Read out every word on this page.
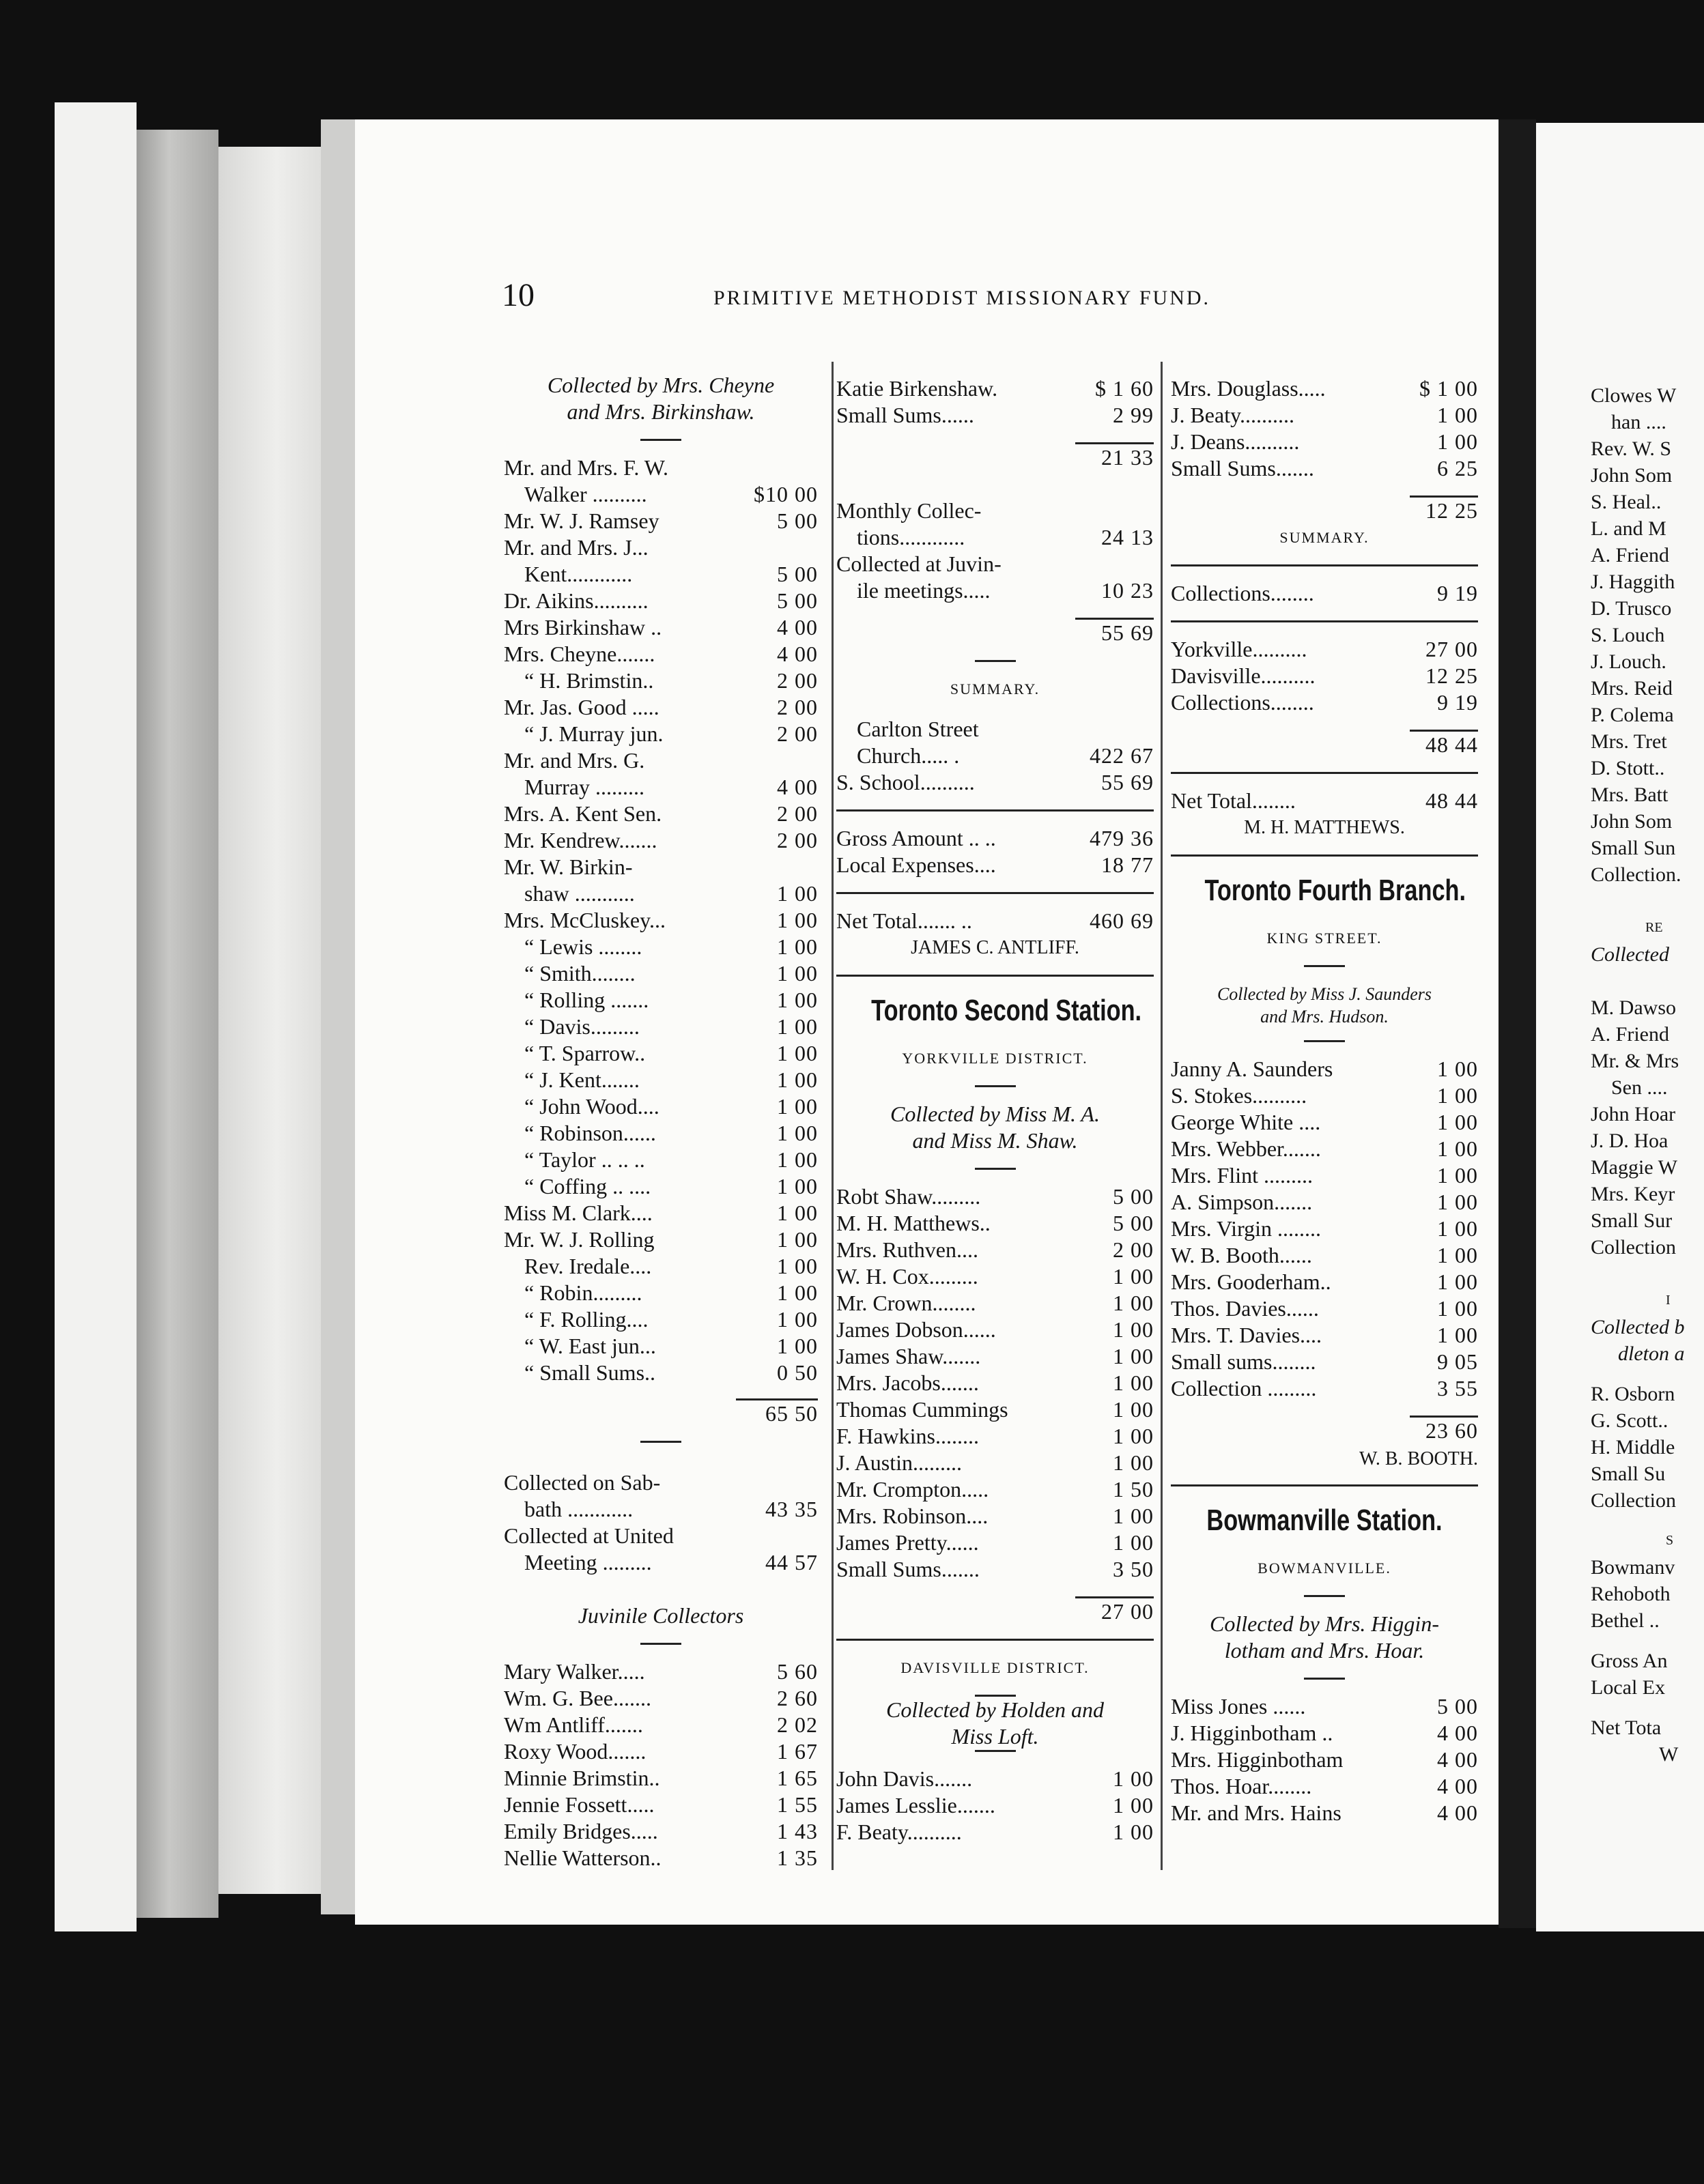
10	PRIMITIVE METHODIST MISSIONARY FUND.
Collected by Mrs. Cheyne
and Mrs. Birkinshaw.
Mr. and Mrs. F. W.
Walker ..........	$10 00
Mr. W. J. Ramsey	5 00
Mr. and Mrs. J...
Kent............	5 00
Dr. Aikins..........	5 00
Mrs Birkinshaw ..	4 00
Mrs. Cheyne.......	4 00
“ H. Brimstin..	2 00
Mr. Jas. Good .....	2 00
“ J. Murray jun.	2 00
Mr. and Mrs. G.
Murray .........	4 00
Mrs. A. Kent Sen.	2 00
Mr. Kendrew.......	2 00
Mr. W. Birkin-
shaw ...........	1 00
Mrs. McCluskey...	1 00
“ Lewis ........	1 00
“ Smith........	1 00
“ Rolling .......	1 00
“ Davis.........	1 00
“ T. Sparrow..	1 00
“ J. Kent.......	1 00
“ John Wood....	1 00
“ Robinson......	1 00
“ Taylor .. .. ..	1 00
“ Coffing .. ....	1 00
Miss M. Clark....	1 00
Mr. W. J. Rolling	1 00
Rev. Iredale....	1 00
“ Robin.........	1 00
“ F. Rolling....	1 00
“ W. East jun...	1 00
“ Small Sums..	0 50
65 50
Collected on Sab-
bath ............	43 35
Collected at United
Meeting .........	44 57
Juvinile Collectors
Mary Walker.....	5 60
Wm. G. Bee.......	2 60
Wm Antliff.......	2 02
Roxy Wood.......	1 67
Minnie Brimstin..	1 65
Jennie Fossett.....	1 55
Emily Bridges.....	1 43
Nellie Watterson..	1 35
Katie Birkenshaw.	$ 1 60
Small Sums......	2 99
21 33
Monthly Collec-
tions............	24 13
Collected at Juvin-
ile meetings.....	10 23
55 69
SUMMARY.
Carlton Street
Church..... .	422 67
S. School..........	55 69
Gross Amount .. ..	479 36
Local Expenses....	18 77
Net Total....... ..	460 69
JAMES C. ANTLIFF.
Toronto Second Station.
YORKVILLE DISTRICT.
Collected by Miss M. A.
and Miss M. Shaw.
Robt Shaw.........	5 00
M. H. Matthews..	5 00
Mrs. Ruthven....	2 00
W. H. Cox.........	1 00
Mr. Crown........	1 00
James Dobson......	1 00
James Shaw.......	1 00
Mrs. Jacobs.......	1 00
Thomas Cummings	1 00
F. Hawkins........	1 00
J. Austin.........	1 00
Mr. Crompton.....	1 50
Mrs. Robinson....	1 00
James Pretty......	1 00
Small Sums.......	3 50
27 00
DAVISVILLE DISTRICT.
Collected by Holden and
Miss Loft.
John Davis.......	1 00
James Lesslie.......	1 00
F. Beaty..........	1 00
Mrs. Douglass.....	$ 1 00
J. Beaty..........	1 00
J. Deans..........	1 00
Small Sums.......	6 25
12 25
SUMMARY.
Collections........	9 19
Yorkville..........	27 00
Davisville..........	12 25
Collections........	9 19
48 44
Net Total........	48 44
M. H. MATTHEWS.
Toronto Fourth Branch.
KING STREET.
Collected by Miss J. Saunders
and Mrs. Hudson.
Janny A. Saunders	1 00
S. Stokes..........	1 00
George White ....	1 00
Mrs. Webber.......	1 00
Mrs. Flint .........	1 00
A. Simpson.......	1 00
Mrs. Virgin ........	1 00
W. B. Booth......	1 00
Mrs. Gooderham..	1 00
Thos. Davies......	1 00
Mrs. T. Davies....	1 00
Small sums........	9 05
Collection .........	3 55
23 60
W. B. BOOTH.
Bowmanville Station.
BOWMANVILLE.
Collected by Mrs. Higgin-
lotham and Mrs. Hoar.
Miss Jones ......	5 00
J. Higginbotham ..	4 00
Mrs. Higginbotham	4 00
Thos. Hoar........	4 00
Mr. and Mrs. Hains	4 00
Clowes W
han ....
Rev. W. S
John Som
S. Heal..
L. and M
A. Friend
J. Haggith
D. Trusco
S. Louch
J. Louch.
Mrs. Reid
P. Colema
Mrs. Tret
D. Stott..
Mrs. Batt
John Som
Small Sun
Collection.
RE
Collected
M. Dawso
A. Friend
Mr. & Mrs
Sen ....
John Hoar
J. D. Hoa
Maggie W
Mrs. Keyr
Small Sur
Collection
I
Collected b
dleton a
R. Osborn
G. Scott..
H. Middle
Small Su
Collection
S
Bowmanv
Rehoboth
Bethel ..
Gross An
Local Ex
Net Tota
W
